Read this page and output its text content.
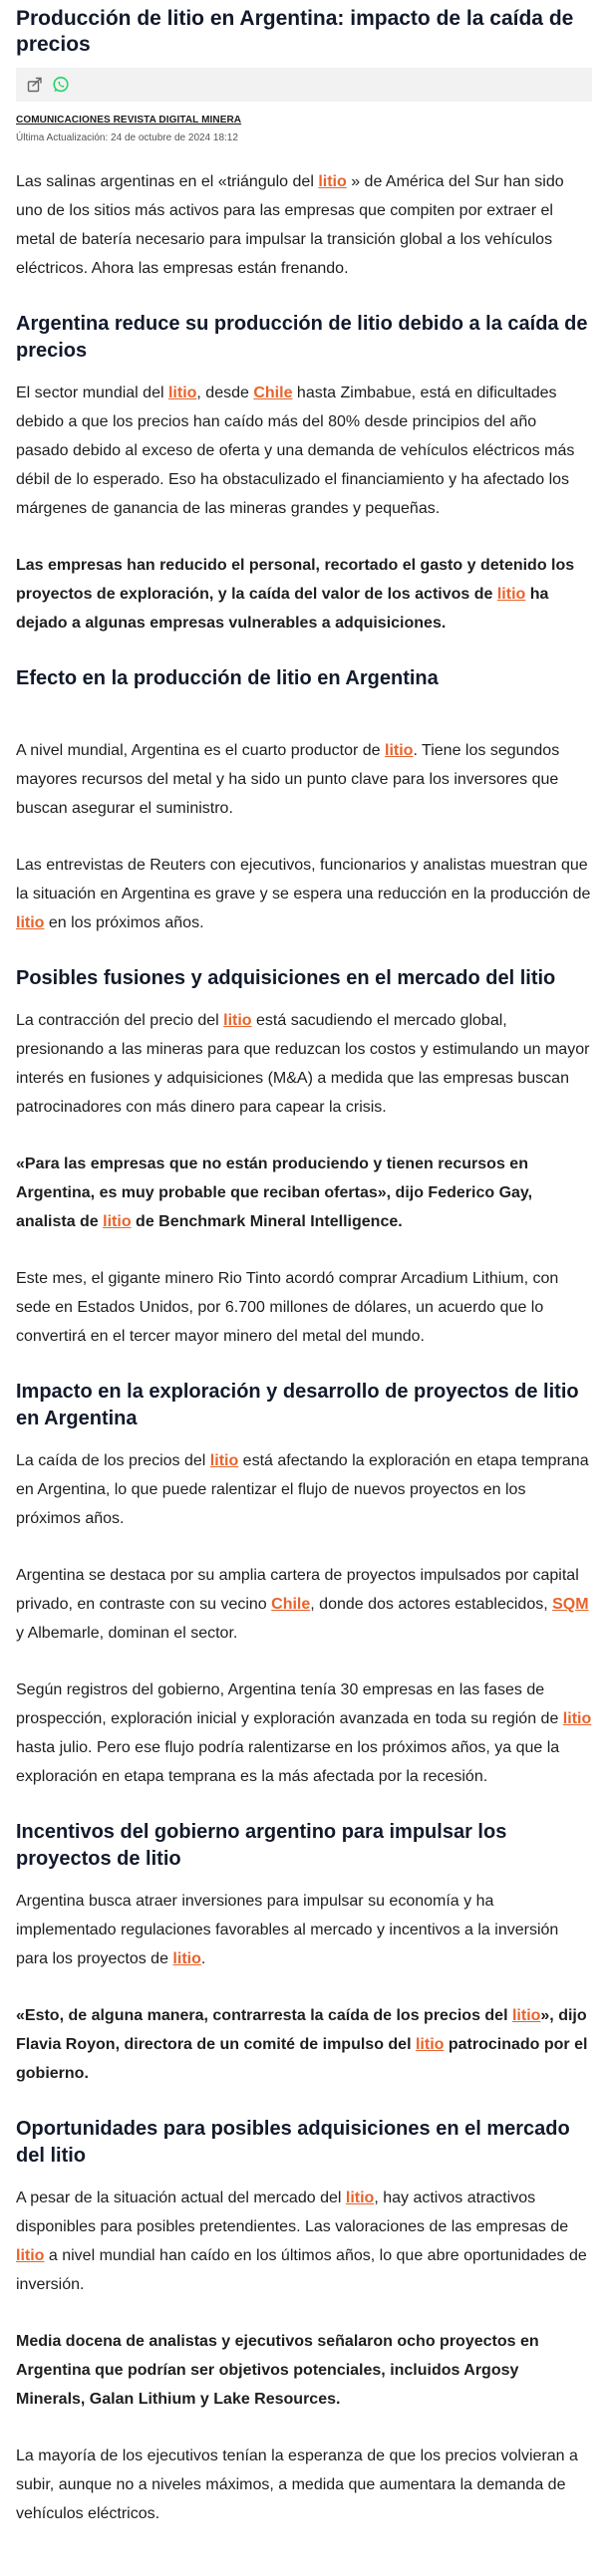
Producción de litio en Argentina: impacto de la caída de precios
COMUNICACIONES REVISTA DIGITAL MINERA
Última Actualización: 24 de octubre de 2024 18:12

Las salinas argentinas en el «triángulo del litio » de América del Sur han sido uno de los sitios más activos para las empresas que compiten por extraer el metal de batería necesario para impulsar la transición global a los vehículos eléctricos. Ahora las empresas están frenando.

Argentina reduce su producción de litio debido a la caída de precios

El sector mundial del litio, desde Chile hasta Zimbabue, está en dificultades debido a que los precios han caído más del 80% desde principios del año pasado debido al exceso de oferta y una demanda de vehículos eléctricos más débil de lo esperado. Eso ha obstaculizado el financiamiento y ha afectado los márgenes de ganancia de las mineras grandes y pequeñas.

Las empresas han reducido el personal, recortado el gasto y detenido los proyectos de exploración, y la caída del valor de los activos de litio ha dejado a algunas empresas vulnerables a adquisiciones.

Efecto en la producción de litio en Argentina

A nivel mundial, Argentina es el cuarto productor de litio. Tiene los segundos mayores recursos del metal y ha sido un punto clave para los inversores que buscan asegurar el suministro.

Las entrevistas de Reuters con ejecutivos, funcionarios y analistas muestran que la situación en Argentina es grave y se espera una reducción en la producción de litio en los próximos años.

Posibles fusiones y adquisiciones en el mercado del litio

La contracción del precio del litio está sacudiendo el mercado global, presionando a las mineras para que reduzcan los costos y estimulando un mayor interés en fusiones y adquisiciones (M&A) a medida que las empresas buscan patrocinadores con más dinero para capear la crisis.

«Para las empresas que no están produciendo y tienen recursos en Argentina, es muy probable que reciban ofertas», dijo Federico Gay, analista de litio de Benchmark Mineral Intelligence.

Este mes, el gigante minero Rio Tinto acordó comprar Arcadium Lithium, con sede en Estados Unidos, por 6.700 millones de dólares, un acuerdo que lo convertirá en el tercer mayor minero del metal del mundo.

Impacto en la exploración y desarrollo de proyectos de litio en Argentina

La caída de los precios del litio está afectando la exploración en etapa temprana en Argentina, lo que puede ralentizar el flujo de nuevos proyectos en los próximos años.

Argentina se destaca por su amplia cartera de proyectos impulsados por capital privado, en contraste con su vecino Chile, donde dos actores establecidos, SQM y Albemarle, dominan el sector.

Según registros del gobierno, Argentina tenía 30 empresas en las fases de prospección, exploración inicial y exploración avanzada en toda su región de litio hasta julio. Pero ese flujo podría ralentizarse en los próximos años, ya que la exploración en etapa temprana es la más afectada por la recesión.

Incentivos del gobierno argentino para impulsar los proyectos de litio

Argentina busca atraer inversiones para impulsar su economía y ha implementado regulaciones favorables al mercado y incentivos a la inversión para los proyectos de litio.

«Esto, de alguna manera, contrarresta la caída de los precios del litio», dijo Flavia Royon, directora de un comité de impulso del litio patrocinado por el gobierno.

Oportunidades para posibles adquisiciones en el mercado del litio

A pesar de la situación actual del mercado del litio, hay activos atractivos disponibles para posibles pretendientes. Las valoraciones de las empresas de litio a nivel mundial han caído en los últimos años, lo que abre oportunidades de inversión.

Media docena de analistas y ejecutivos señalaron ocho proyectos en Argentina que podrían ser objetivos potenciales, incluidos Argosy Minerals, Galan Lithium y Lake Resources.

La mayoría de los ejecutivos tenían la esperanza de que los precios volvieran a subir, aunque no a niveles máximos, a medida que aumentara la demanda de vehículos eléctricos.
